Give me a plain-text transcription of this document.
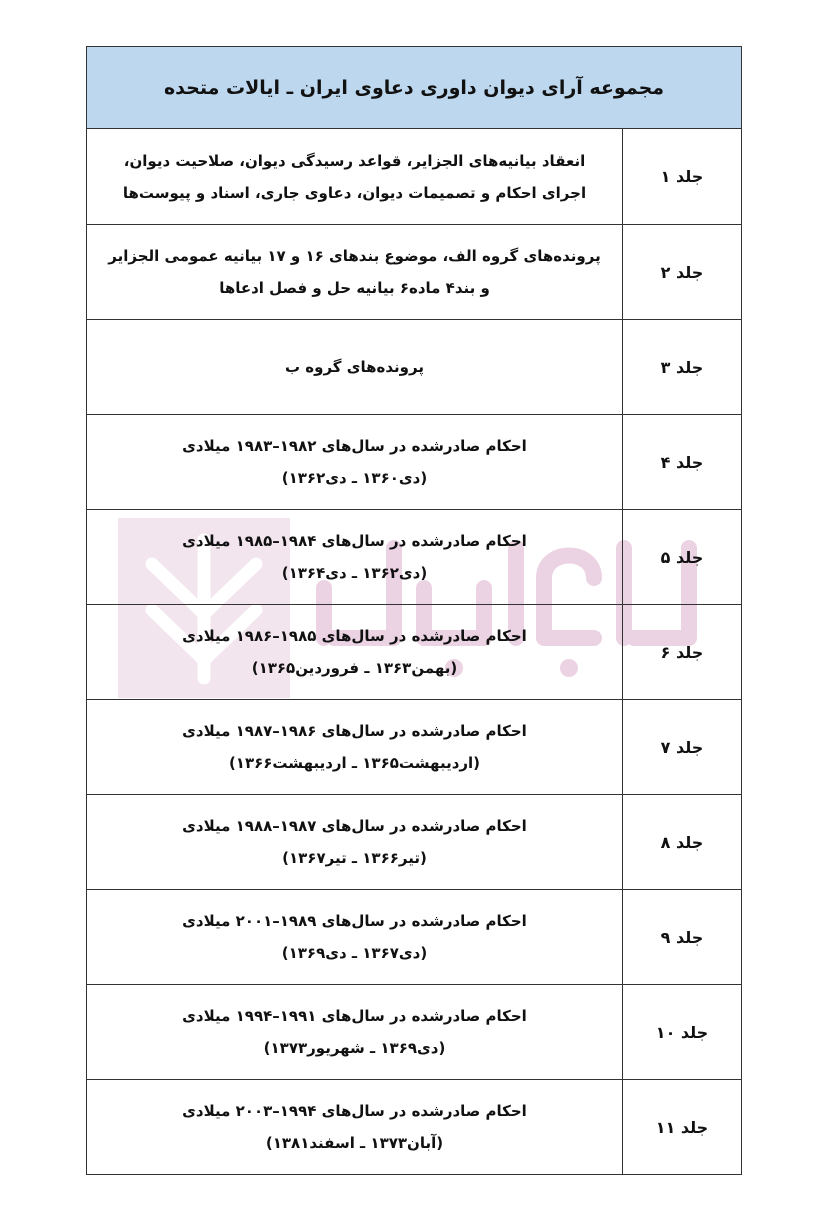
مجموعه آرای دیوان داوری دعاوی ایران ـ ایالات متحده	
جلد ۱	انعقاد بیانیه‌های الجزایر، قواعد رسیدگی دیوان، صلاحیت دیوان،
اجرای احکام و تصمیمات دیوان، دعاوی جاری، اسناد و پیوست‌ها

جلد ۲	پرونده‌های گروه الف، موضوع بندهای ۱۶ و ۱۷ بیانیه عمومی الجزایر
و بند۴ ماده۶ بیانیه حل و فصل ادعاها

جلد ۳	پرونده‌های گروه ب

جلد ۴	احکام صادرشده در سال‌های ۱۹۸۲–۱۹۸۳ میلادی
(دی۱۳۶۰ ـ دی۱۳۶۲)

جلد ۵	احکام صادرشده در سال‌های ۱۹۸۴–۱۹۸۵ میلادی
(دی۱۳۶۲ ـ دی۱۳۶۴)

جلد ۶	احکام صادرشده در سال‌های ۱۹۸۵–۱۹۸۶ میلادی
(بهمن۱۳۶۳ ـ فروردین۱۳۶۵)

جلد ۷	احکام صادرشده در سال‌های ۱۹۸۶–۱۹۸۷ میلادی
(اردیبهشت۱۳۶۵ ـ اردیبهشت۱۳۶۶)

جلد ۸	احکام صادرشده در سال‌های ۱۹۸۷–۱۹۸۸ میلادی
(تیر۱۳۶۶ ـ تیر۱۳۶۷)

جلد ۹	احکام صادرشده در سال‌های ۱۹۸۹–۲۰۰۱ میلادی
(دی۱۳۶۷ ـ دی۱۳۶۹)

جلد ۱۰	احکام صادرشده در سال‌های ۱۹۹۱–۱۹۹۴ میلادی
(دی۱۳۶۹ ـ شهریور۱۳۷۳)

جلد ۱۱	احکام صادرشده در سال‌های ۱۹۹۴–۲۰۰۳ میلادی
(آبان۱۳۷۳ ـ اسفند۱۳۸۱)
